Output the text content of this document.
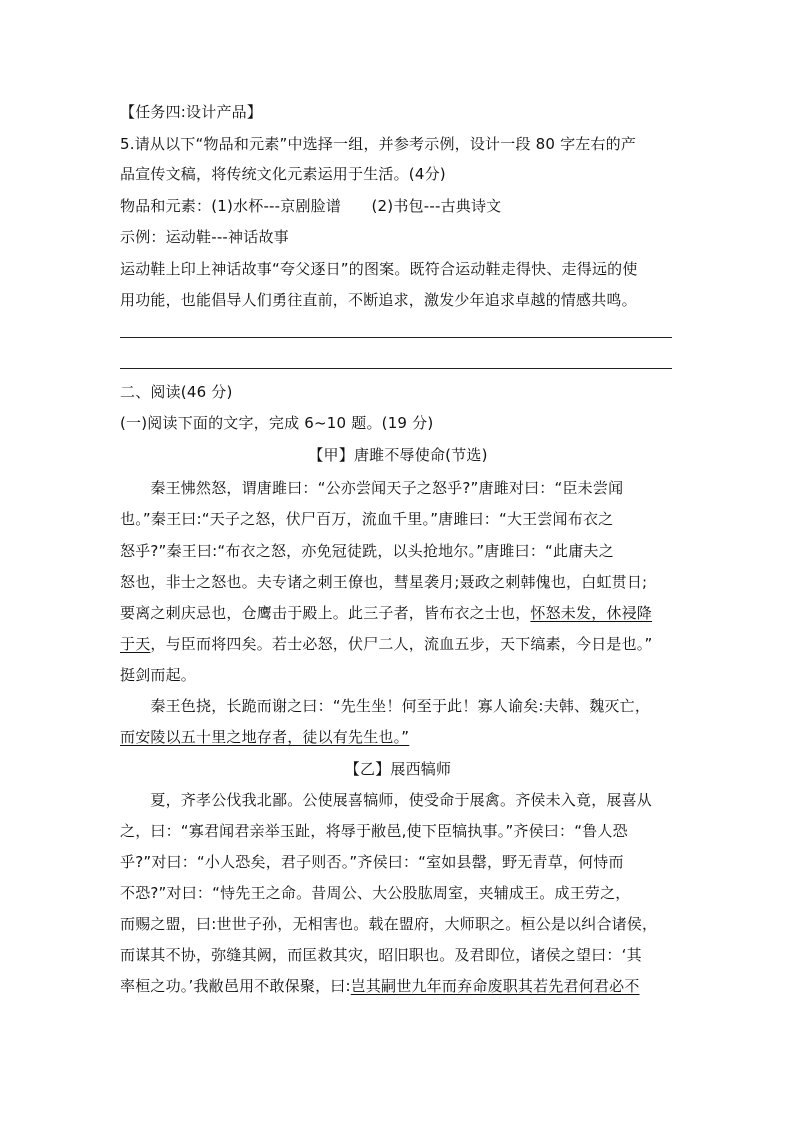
【任务四:设计产品】
5.请从以下“物品和元素”中选择一组，并参考示例，设计一段 80 字左右的产
品宣传文稿，将传统文化元素运用于生活。(4分)
物品和元素：(1)水杯---京剧脸谱　　(2)书包---古典诗文
示例：运动鞋---神话故事
运动鞋上印上神话故事“夸父逐日”的图案。既符合运动鞋走得快、走得远的使
用功能，也能倡导人们勇往直前，不断追求，激发少年追求卓越的情感共鸣。
二、阅读(46 分)
(一)阅读下面的文字，完成 6~10 题。(19 分)
【甲】唐雎不辱使命(节选)
　　秦王怫然怒，谓唐雎曰：“公亦尝闻天子之怒乎?”唐雎对曰：“臣未尝闻
也。”秦王曰:“天子之怒，伏尸百万，流血千里。”唐雎曰：“大王尝闻布衣之
怒乎?”秦王曰:“布衣之怒，亦免冠徒跣，以头抢地尔。”唐雎曰：“此庸夫之
怒也，非士之怒也。夫专诸之刺王僚也，彗星袭月;聂政之刺韩傀也，白虹贯日;
要离之刺庆忌也，仓鹰击于殿上。此三子者，皆布衣之士也，怀怒未发，休祲降
于天，与臣而将四矣。若士必怒，伏尸二人，流血五步，天下缟素，今日是也。”
挺剑而起。
　　秦王色挠，长跪而谢之曰：“先生坐！何至于此！寡人谕矣:夫韩、魏灭亡，
而安陵以五十里之地存者，徒以有先生也。”
【乙】展西犒师
　　夏，齐孝公伐我北鄙。公使展喜犒师，使受命于展禽。齐侯未入竟，展喜从
之，曰：“寡君闻君亲举玉趾，将辱于敝邑,使下臣犒执事。”齐侯曰：“鲁人恐
乎?”对曰：“小人恐矣，君子则否。”齐侯曰：“室如县罄，野无青草，何恃而
不恐?”对曰：“恃先王之命。昔周公、大公股肱周室，夹辅成王。成王劳之，
而赐之盟，曰:世世子孙，无相害也。载在盟府，大师职之。桓公是以纠合诸侯，
而谋其不协，弥缝其阙，而匡救其灾，昭旧职也。及君即位，诸侯之望曰：‘其
率桓之功。’我敝邑用不敢保聚，曰:岂其嗣世九年而弃命废职其若先君何君必不
